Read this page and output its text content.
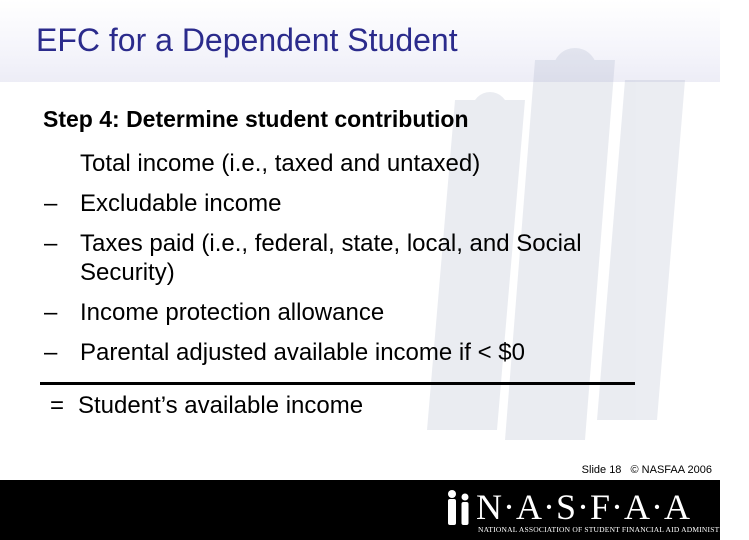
EFC for a Dependent Student
Step 4: Determine student contribution
Total income (i.e., taxed and untaxed)
– Excludable income
– Taxes paid (i.e., federal, state, local, and Social Security)
– Income protection allowance
– Parental adjusted available income if < $0
= Student’s available income
Slide 18 © NASFAA 2006
N·A·S·F·A·A
NATIONAL ASSOCIATION OF STUDENT FINANCIAL AID ADMINISTRATORS
